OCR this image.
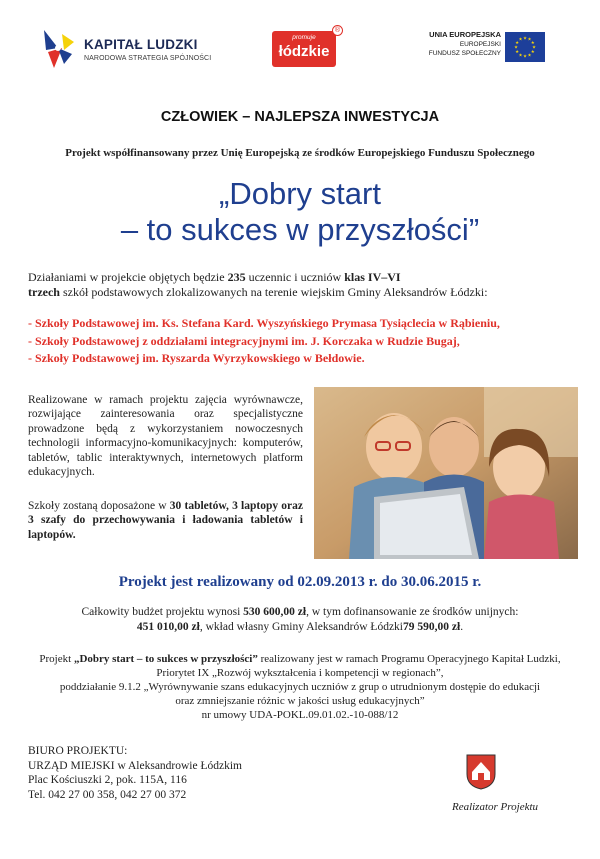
KAPITAŁ LUDZKI
NARODOWA STRATEGIA SPÓJNOŚCI
promuje
łódzkie
®	UNIA EUROPEJSKA
EUROPEJSKI
FUNDUSZ SPOŁECZNY
★ ★
★
★
★
★
★
★
★
★
★
★
CZŁOWIEK – NAJLEPSZA INWESTYCJA
Projekt współfinansowany przez Unię Europejską ze środków Europejskiego Funduszu Społecznego
„Dobry start
– to sukces w przyszłości”
Działaniami w projekcie objętych będzie 235 uczennic i uczniów klas IV–VI
trzech szkół podstawowych zlokalizowanych na terenie wiejskim Gminy Aleksandrów Łódzki:
- Szkoły Podstawowej im. Ks. Stefana Kard. Wyszyńskiego Prymasa Tysiąclecia w Rąbieniu,
- Szkoły Podstawowej z oddziałami integracyjnymi im. J. Korczaka w Rudzie Bugaj,
- Szkoły Podstawowej im. Ryszarda Wyrzykowskiego w Bełdowie.
Realizowane w ramach projektu zajęcia wyrównawcze, rozwijające zainteresowania oraz specjalistyczne prowadzone będą z wykorzystaniem nowoczesnych technologii informacyjno-komunikacyjnych: komputerów, tabletów, tablic interaktywnych, internetowych platform edukacyjnych.
Szkoły zostaną doposażone w 30 tabletów, 3 laptopy oraz 3 szafy do przechowywania i ładowania tabletów i laptopów.
Projekt jest realizowany od 02.09.2013 r. do 30.06.2015 r.
Całkowity budżet projektu wynosi 530 600,00 zł, w tym dofinansowanie ze środków unijnych:
451 010,00 zł, wkład własny Gminy Aleksandrów Łódzki79 590,00 zł.
Projekt „Dobry start – to sukces w przyszłości” realizowany jest w ramach Programu Operacyjnego Kapitał Ludzki,
Priorytet IX „Rozwój wykształcenia i kompetencji w regionach”,
poddziałanie 9.1.2 „Wyrównywanie szans edukacyjnych uczniów z grup o utrudnionym dostępie do edukacji
oraz zmniejszanie różnic w jakości usług edukacyjnych”
nr umowy UDA-POKL.09.01.02.-10-088/12
BIURO PROJEKTU:
URZĄD MIEJSKI w Aleksandrowie Łódzkim
Plac Kościuszki 2, pok. 115A, 116
Tel. 042 27 00 358, 042 27 00 372
Realizator Projektu
